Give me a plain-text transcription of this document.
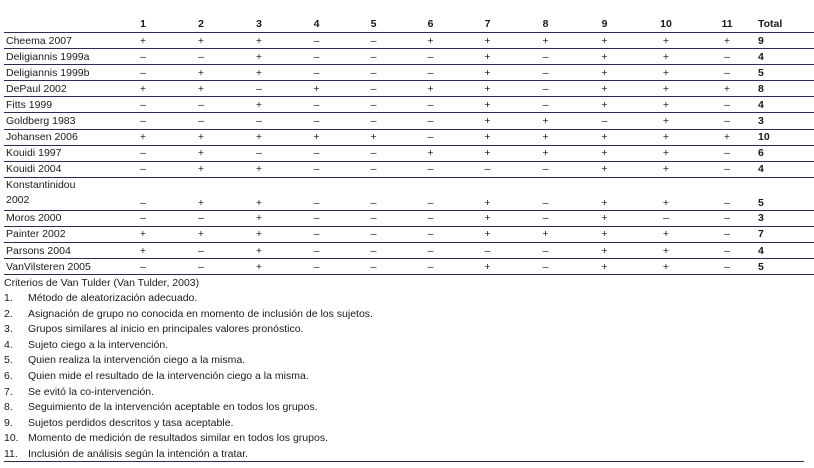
	1	2	3	4	5	6	7	8	9	10	11	Total
Cheema 2007	+	+	+	–	–	+	+	+	+	+	+	9
Deligiannis 1999a	–	–	+	–	–	–	+	–	+	+	–	4
Deligiannis 1999b	–	+	+	–	–	–	+	–	+	+	–	5
DePaul 2002	+	+	–	+	–	+	+	–	+	+	+	8
Fitts 1999	–	–	+	–	–	–	+	–	+	+	–	4
Goldberg 1983	–	–	–	–	–	–	+	+	–	+	–	3
Johansen 2006	+	+	+	+	+	–	+	+	+	+	+	10
Kouidi 1997	–	+	–	–	–	+	+	+	+	+	–	6
Kouidi 2004	–	+	+	–	–	–	–	–	+	+	–	4
Konstantinidou
2002	–	+	+	–	–	–	+	–	+	+	–	5
Moros 2000	–	–	+	–	–	–	+	–	+	–	–	3
Painter 2002	+	+	+	–	–	–	+	+	+	+	–	7
Parsons 2004	+	–	+	–	–	–	–	–	+	+	–	4
VanVilsteren 2005	–	–	+	–	–	–	+	–	+	+	–	5
Criterios de Van Tulder (Van Tulder, 2003)
1.	Método de aleatorización adecuado.
2.	Asignación de grupo no conocida en momento de inclusión de los sujetos.
3.	Grupos similares al inicio en principales valores pronóstico.
4.	Sujeto ciego a la intervención.
5.	Quien realiza la intervención ciego a la misma.
6.	Quien mide el resultado de la intervención ciego a la misma.
7.	Se evitó la co-intervención.
8.	Seguimiento de la intervención aceptable en todos los grupos.
9.	Sujetos perdidos descritos y tasa aceptable.
10. Momento de medición de resultados similar en todos los grupos.
11. Inclusión de análisis según la intención a tratar.
